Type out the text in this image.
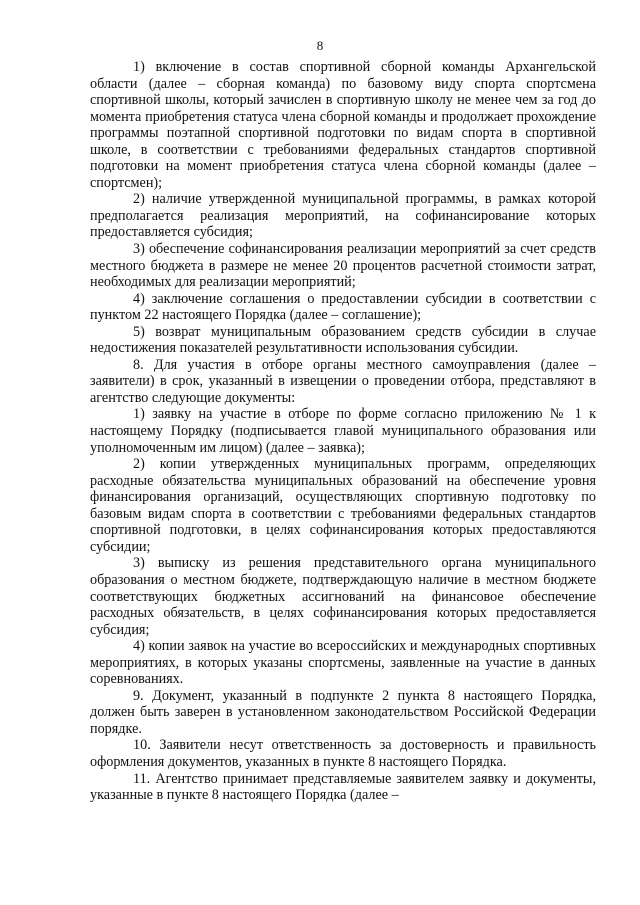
8

1) включение в состав спортивной сборной команды Архангельской области (далее – сборная команда) по базовому виду спорта спортсмена спортивной школы, который зачислен в спортивную школу не менее чем за год до момента приобретения статуса члена сборной команды и продолжает прохождение программы поэтапной спортивной подготовки по видам спорта в спортивной школе, в соответствии с требованиями федеральных стандартов спортивной подготовки на момент приобретения статуса члена сборной команды (далее – спортсмен);

2) наличие утвержденной муниципальной программы, в рамках которой предполагается реализация мероприятий, на софинансирование которых предоставляется субсидия;

3) обеспечение софинансирования реализации мероприятий за счет средств местного бюджета в размере не менее 20 процентов расчетной стоимости затрат, необходимых для реализации мероприятий;

4) заключение соглашения о предоставлении субсидии в соответствии с пунктом 22 настоящего Порядка (далее – соглашение);

5) возврат муниципальным образованием средств субсидии в случае недостижения показателей результативности использования субсидии.

8. Для участия в отборе органы местного самоуправления (далее – заявители) в срок, указанный в извещении о проведении отбора, представляют в агентство следующие документы:

1) заявку на участие в отборе по форме согласно приложению № 1 к настоящему Порядку (подписывается главой муниципального образования или уполномоченным им лицом) (далее – заявка);

2) копии утвержденных муниципальных программ, определяющих расходные обязательства муниципальных образований на обеспечение уровня финансирования организаций, осуществляющих спортивную подготовку по базовым видам спорта в соответствии с требованиями федеральных стандартов спортивной подготовки, в целях софинансирования которых предоставляются субсидии;

3) выписку из решения представительного органа муниципального образования о местном бюджете, подтверждающую наличие в местном бюджете соответствующих бюджетных ассигнований на финансовое обеспечение расходных обязательств, в целях софинансирования которых предоставляется субсидия;

4) копии заявок на участие во всероссийских и международных спортивных мероприятиях, в которых указаны спортсмены, заявленные на участие в данных соревнованиях.

9. Документ, указанный в подпункте 2 пункта 8 настоящего Порядка, должен быть заверен в установленном законодательством Российской Федерации порядке.

10. Заявители несут ответственность за достоверность и правильность оформления документов, указанных в пункте 8 настоящего Порядка.

11. Агентство принимает представляемые заявителем заявку и документы, указанные в пункте 8 настоящего Порядка (далее –
